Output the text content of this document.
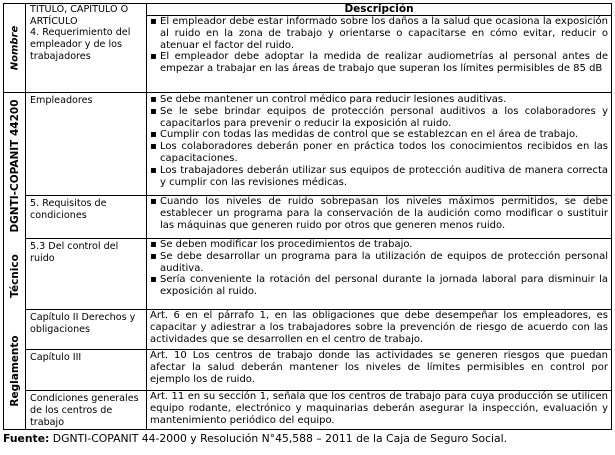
Nombre
DGNTI-COPANIT 44200
Técnico
Reglamento
TÍTULO, CAPÍTULO O
ARTÍCULO
4. Requerimiento del empleador y de los trabajadores
Empleadores
5. Requisitos de condiciones
5.3 Del control del ruido
Capítulo II Derechos y obligaciones
Capítulo III
Condiciones generales de los centros de trabajo
Descripción
▪ El empleador debe estar informado sobre los daños a la salud que ocasiona la exposición al ruido en la zona de trabajo y orientarse o capacitarse en cómo evitar, reducir o atenuar el factor del ruido.
▪ El empleador debe adoptar la medida de realizar audiometrías al personal antes de empezar a trabajar en las áreas de trabajo que superan los límites permisibles de 85 dB
▪ Se debe mantener un control médico para reducir lesiones auditivas.
▪ Se le sebe brindar equipos de protección personal auditivos a los colaboradores y capacitarlos para prevenir o reducir la exposición al ruido.
▪ Cumplir con todas las medidas de control que se establezcan en el área de trabajo.
▪ Los colaboradores deberán poner en práctica todos los conocimientos recibidos en las capacitaciones.
▪ Los trabajadores deberán utilizar sus equipos de protección auditiva de manera correcta y cumplir con las revisiones médicas.
▪ Cuando los niveles de ruido sobrepasan los niveles máximos permitidos, se debe establecer un programa para la conservación de la audición como modificar o sustituir las máquinas que generen ruido por otros que generen menos ruido.
▪ Se deben modificar los procedimientos de trabajo.
▪ Se debe desarrollar un programa para la utilización de equipos de protección personal auditiva.
▪ Sería conveniente la rotación del personal durante la jornada laboral para disminuir la exposición al ruido.
Art. 6 en el párrafo 1, en las obligaciones que debe desempeñar los empleadores, es capacitar y adiestrar a los trabajadores sobre la prevención de riesgo de acuerdo con las actividades que se desarrollen en el centro de trabajo.
Art. 10 Los centros de trabajo donde las actividades se generen riesgos que puedan afectar la salud deberán mantener los niveles de límites permisibles en control por ejemplo los de ruido.
Art. 11 en su sección 1, señala que los centros de trabajo para cuya producción se utilicen equipo rodante, electrónico y maquinarias deberán asegurar la inspección, evaluación y mantenimiento periódico del equipo.
Fuente: DGNTI-COPANIT 44-2000 y Resolución N°45,588 – 2011 de la Caja de Seguro Social.
